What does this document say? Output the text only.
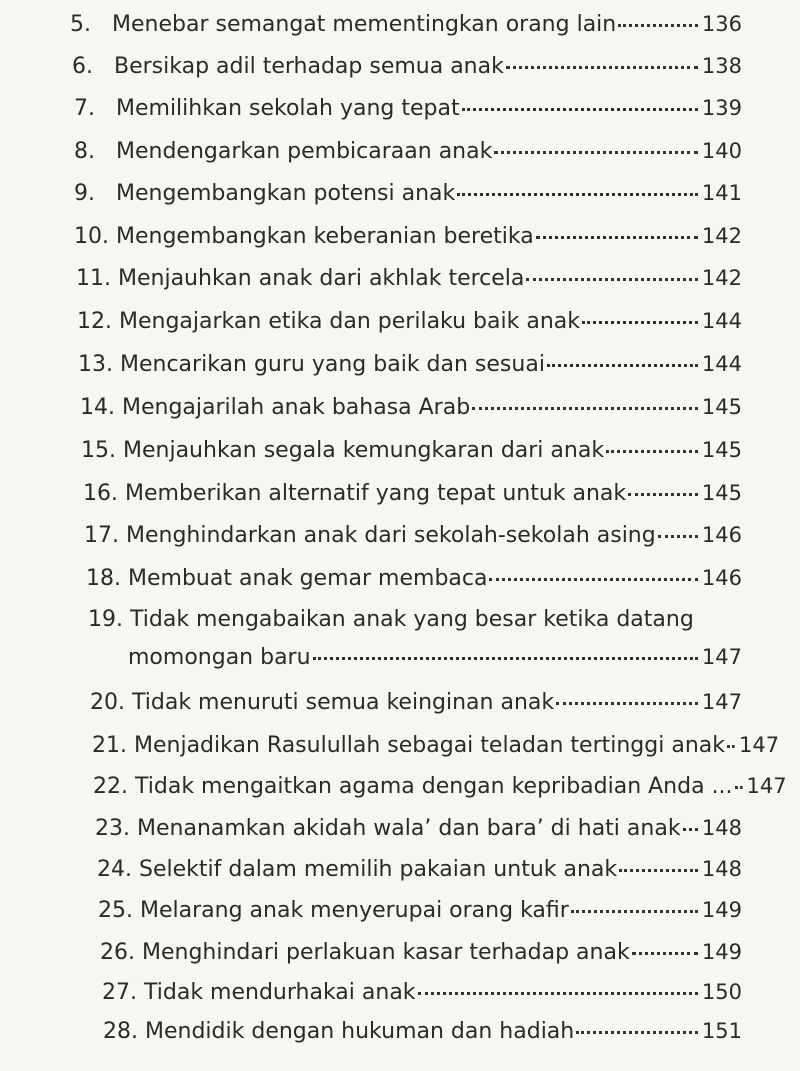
5. Menebar semangat mementingkan orang lain	136
6. Bersikap adil terhadap semua anak	138
7. Memilihkan sekolah yang tepat	139
8. Mendengarkan pembicaraan anak	140
9. Mengembangkan potensi anak	141
10. Mengembangkan keberanian beretika	142
11. Menjauhkan anak dari akhlak tercela	142
12. Mengajarkan etika dan perilaku baik anak	144
13. Mencarikan guru yang baik dan sesuai	144
14. Mengajarilah anak bahasa Arab	145
15. Menjauhkan segala kemungkaran dari anak	145
16. Memberikan alternatif yang tepat untuk anak	145
17. Menghindarkan anak dari sekolah-sekolah asing 146
18. Membuat anak gemar membaca	146
19. Tidak mengabaikan anak yang besar ketika datang
momongan baru	147
20. Tidak menuruti semua keinginan anak	147
21. Menjadikan Rasulullah sebagai teladan tertinggi anak 147
22. Tidak mengaitkan agama dengan kepribadian Anda ... 147
23. Menanamkan akidah wala’ dan bara’ di hati anak 148
24. Selektif dalam memilih pakaian untuk anak	148
25. Melarang anak menyerupai orang kafir	149
26. Menghindari perlakuan kasar terhadap anak	149
27. Tidak mendurhakai anak	150
28. Mendidik dengan hukuman dan hadiah	151
